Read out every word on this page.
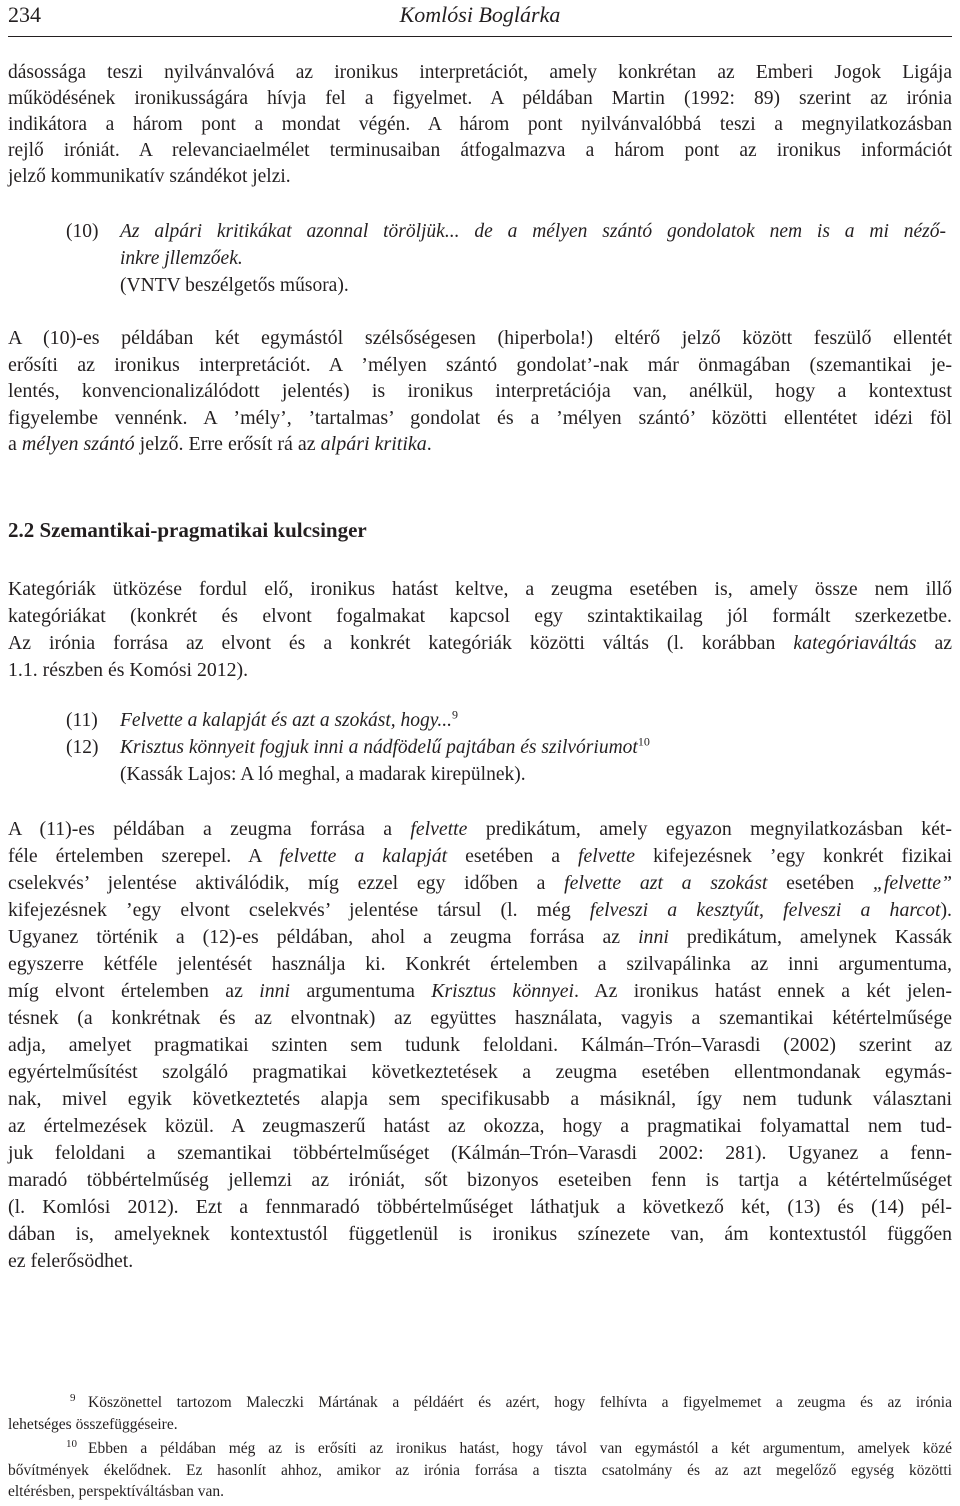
234	Komlósi Boglárka
dásossága teszi nyilvánvalóvá az ironikus interpretációt, amely konkrétan az Emberi Jogok Ligája
működésének ironikusságára hívja fel a figyelmet. A példában Martin (1992: 89) szerint az irónia
indikátora a három pont a mondat végén. A három pont nyilvánvalóbbá teszi a megnyilatkozásban
rejlő iróniát. A relevanciaelmélet terminusaiban átfogalmazva a három pont az ironikus információt
jelző kommunikatív szándékot jelzi.
(10) Az alpári kritikákat azonnal töröljük... de a mélyen szántó gondolatok nem is a mi néző-
inkre jllemzőek.
(VNTV beszélgetős műsora).
A (10)-es példában két egymástól szélsőségesen (hiperbola!) eltérő jelző között feszülő ellentét
erősíti az ironikus interpretációt. A ’mélyen szántó gondolat’-nak már önmagában (szemantikai je-
lentés, konvencionalizálódott jelentés) is ironikus interpretációja van, anélkül, hogy a kontextust
figyelembe vennénk. A ’mély’, ’tartalmas’ gondolat és a ’mélyen szántó’ közötti ellentétet idézi föl
a mélyen szántó jelző. Erre erősít rá az alpári kritika.
2.2 Szemantikai-pragmatikai kulcsinger
Kategóriák ütközése fordul elő, ironikus hatást keltve, a zeugma esetében is, amely össze nem illő
kategóriákat (konkrét és elvont fogalmakat kapcsol egy szintaktikailag jól formált szerkezetbe.
Az irónia forrása az elvont és a konkrét kategóriák közötti váltás (l. korábban kategóriaváltás az
1.1. részben és Komósi 2012).
(11) Felvette a kalapját és azt a szokást, hogy...$^9$
(12) Krisztus könnyeit fogjuk inni a nádfödelű pajtában és szilvóriumot$^{10}$
(Kassák Lajos: A ló meghal, a madarak kirepülnek).
A (11)-es példában a zeugma forrása a felvette predikátum, amely egyazon megnyilatkozásban két-
féle értelemben szerepel. A felvette a kalapját esetében a felvette kifejezésnek ’egy konkrét fizikai
cselekvés’ jelentése aktiválódik, míg ezzel egy időben a felvette azt a szokást esetében „felvette”
kifejezésnek ’egy elvont cselekvés’ jelentése társul (l. még felveszi a kesztyűt, felveszi a harcot).
Ugyanez történik a (12)-es példában, ahol a zeugma forrása az inni predikátum, amelynek Kassák
egyszerre kétféle jelentését használja ki. Konkrét értelemben a szilvapálinka az inni argumentuma,
míg elvont értelemben az inni argumentuma Krisztus könnyei. Az ironikus hatást ennek a két jelen-
tésnek (a konkrétnak és az elvontnak) az együttes használata, vagyis a szemantikai kétértelműsége
adja, amelyet pragmatikai szinten sem tudunk feloldani. Kálmán–Trón–Varasdi (2002) szerint az
egyértelműsítést szolgáló pragmatikai következtetések a zeugma esetében ellentmondanak egymás-
nak, mivel egyik következtetés alapja sem specifikusabb a másiknál, így nem tudunk választani
az értelmezések közül. A zeugmaszerű hatást az okozza, hogy a pragmatikai folyamattal nem tud-
juk feloldani a szemantikai többértelműséget (Kálmán–Trón–Varasdi 2002: 281). Ugyanez a fenn-
maradó többértelműség jellemzi az iróniát, sőt bizonyos eseteiben fenn is tartja a kétértelműséget
(l. Komlósi 2012). Ezt a fennmaradó többértelműséget láthatjuk a következő két, (13) és (14) pél-
dában is, amelyeknek kontextustól függetlenül is ironikus színezete van, ám kontextustól függően
ez felerősödhet.
9 Köszönettel tartozom Maleczki Mártának a példáért és azért, hogy felhívta a figyelmemet a zeugma és az irónia
lehetséges összefüggéseire.
10 Ebben a példában még az is erősíti az ironikus hatást, hogy távol van egymástól a két argumentum, amelyek közé
bővítmények ékelődnek. Ez hasonlít ahhoz, amikor az irónia forrása a tiszta csatolmány és az azt megelőző egység közötti
eltérésben, perspektíváltásban van.
